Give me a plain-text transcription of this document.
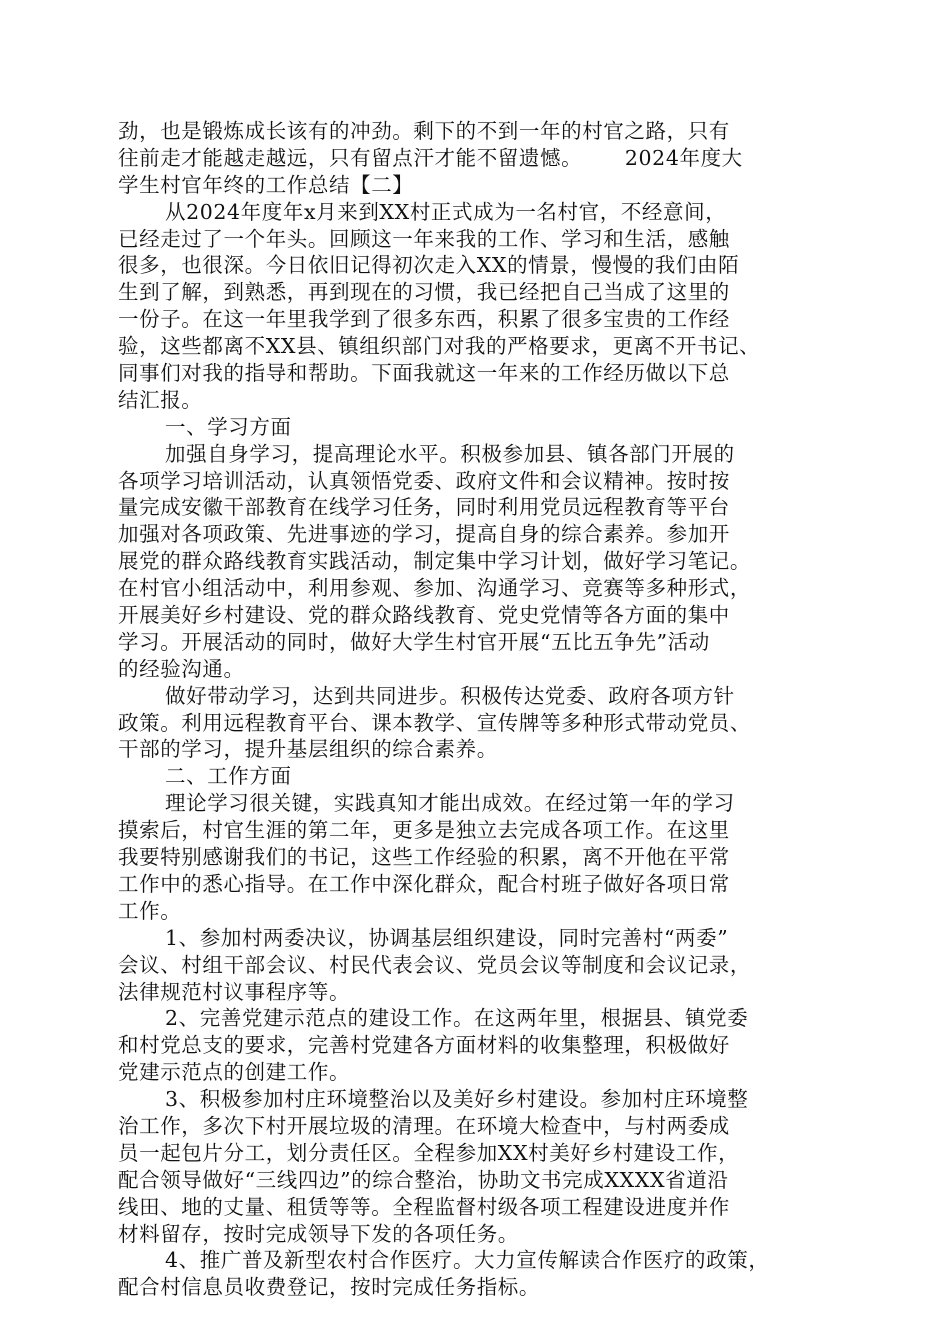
劲，也是锻炼成长该有的冲劲。剩下的不到一年的村官之路，只有
往前走才能越走越远，只有留点汗才能不留遗憾。      2024年度大
学生村官年终的工作总结【二】
从2024年度年x月来到XX村正式成为一名村官，不经意间，
已经走过了一个年头。回顾这一年来我的工作、学习和生活，感触
很多，也很深。今日依旧记得初次走入XX的情景，慢慢的我们由陌
生到了解，到熟悉，再到现在的习惯，我已经把自己当成了这里的
一份子。在这一年里我学到了很多东西，积累了很多宝贵的工作经
验，这些都离不XX县、镇组织部门对我的严格要求，更离不开书记、
同事们对我的指导和帮助。下面我就这一年来的工作经历做以下总
结汇报。
一、学习方面
加强自身学习，提高理论水平。积极参加县、镇各部门开展的
各项学习培训活动，认真领悟党委、政府文件和会议精神。按时按
量完成安徽干部教育在线学习任务，同时利用党员远程教育等平台
加强对各项政策、先进事迹的学习，提高自身的综合素养。参加开
展党的群众路线教育实践活动，制定集中学习计划，做好学习笔记。
在村官小组活动中，利用参观、参加、沟通学习、竞赛等多种形式，
开展美好乡村建设、党的群众路线教育、党史党情等各方面的集中
学习。开展活动的同时，做好大学生村官开展“五比五争先”活动
的经验沟通。
做好带动学习，达到共同进步。积极传达党委、政府各项方针
政策。利用远程教育平台、课本教学、宣传牌等多种形式带动党员、
干部的学习，提升基层组织的综合素养。
二、工作方面
理论学习很关键，实践真知才能出成效。在经过第一年的学习
摸索后，村官生涯的第二年，更多是独立去完成各项工作。在这里
我要特别感谢我们的书记，这些工作经验的积累，离不开他在平常
工作中的悉心指导。在工作中深化群众，配合村班子做好各项日常
工作。
1、参加村两委决议，协调基层组织建设，同时完善村“两委”
会议、村组干部会议、村民代表会议、党员会议等制度和会议记录，
法律规范村议事程序等。
2、完善党建示范点的建设工作。在这两年里，根据县、镇党委
和村党总支的要求，完善村党建各方面材料的收集整理，积极做好
党建示范点的创建工作。
3、积极参加村庄环境整治以及美好乡村建设。参加村庄环境整
治工作，多次下村开展垃圾的清理。在环境大检查中，与村两委成
员一起包片分工，划分责任区。全程参加XX村美好乡村建设工作，
配合领导做好“三线四边”的综合整治，协助文书完成XXXX省道沿
线田、地的丈量、租赁等等。全程监督村级各项工程建设进度并作
材料留存，按时完成领导下发的各项任务。
4、推广普及新型农村合作医疗。大力宣传解读合作医疗的政策，
配合村信息员收费登记，按时完成任务指标。
